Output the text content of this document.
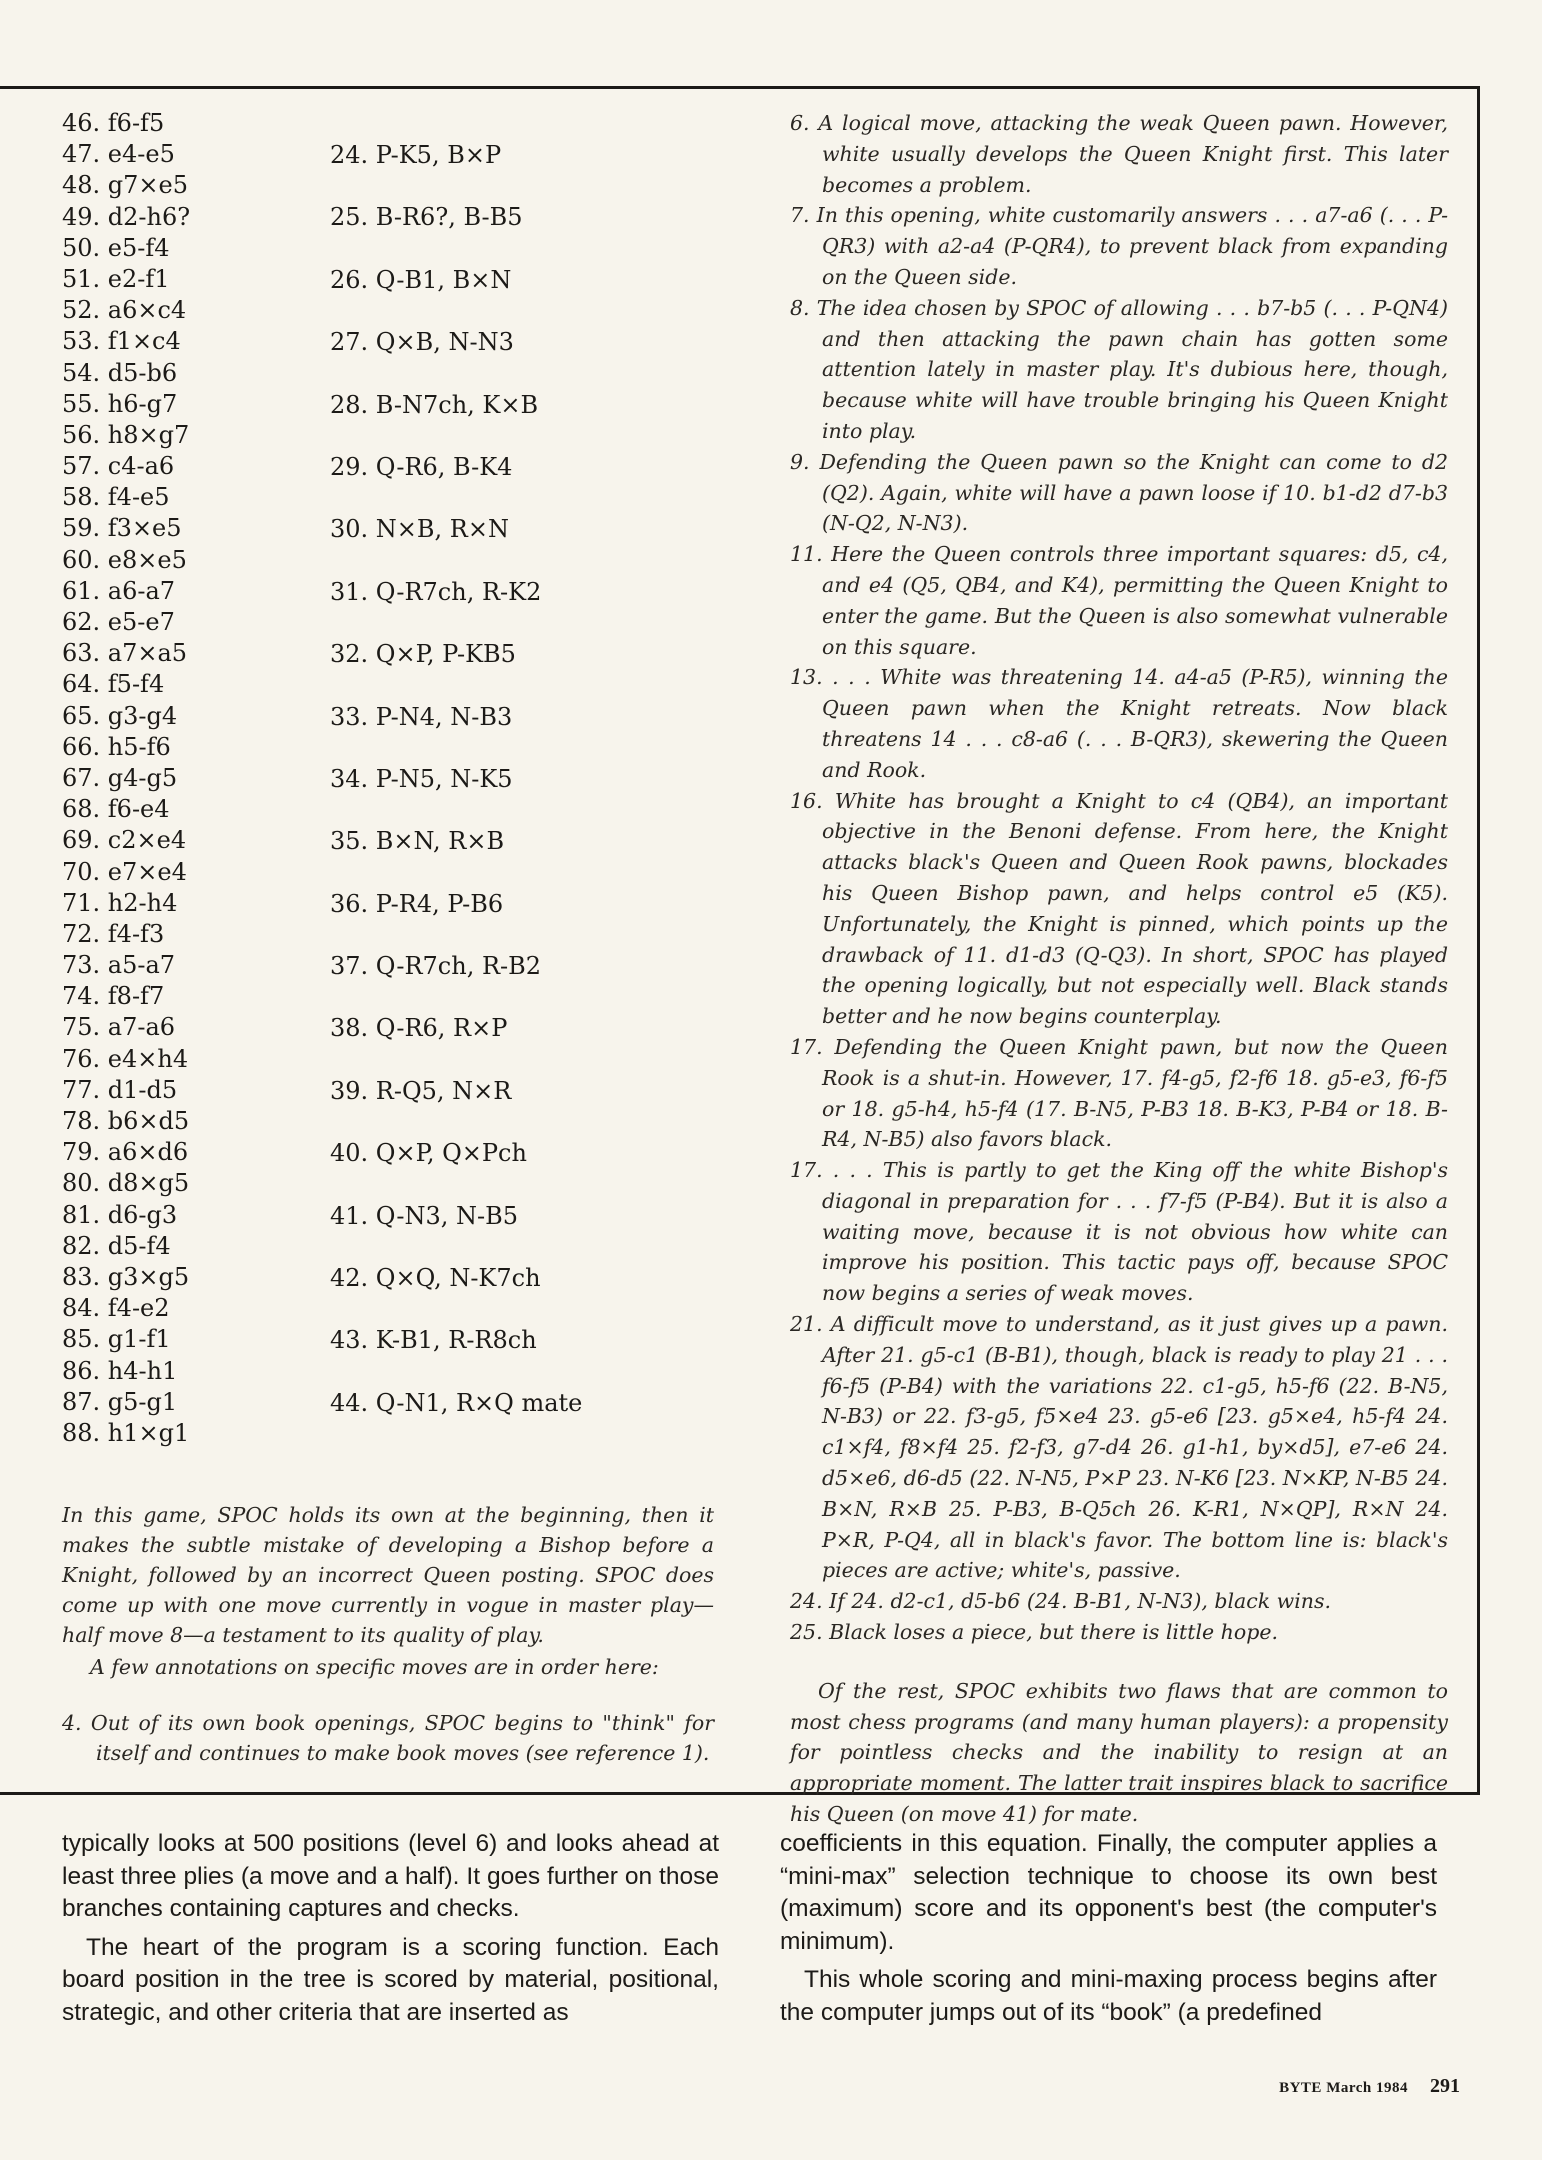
46. f6-f5
47. e4-e5
48. g7×e5
49. d2-h6?
50. e5-f4
51. e2-f1
52. a6×c4
53. f1×c4
54. d5-b6
55. h6-g7
56. h8×g7
57. c4-a6
58. f4-e5
59. f3×e5
60. e8×e5
61. a6-a7
62. e5-e7
63. a7×a5
64. f5-f4
65. g3-g4
66. h5-f6
67. g4-g5
68. f6-e4
69. c2×e4
70. e7×e4
71. h2-h4
72. f4-f3
73. a5-a7
74. f8-f7
75. a7-a6
76. e4×h4
77. d1-d5
78. b6×d5
79. a6×d6
80. d8×g5
81. d6-g3
82. d5-f4
83. g3×g5
84. f4-e2
85. g1-f1
86. h4-h1
87. g5-g1
88. h1×g1
24. P-K5, B×P
25. B-R6?, B-B5
26. Q-B1, B×N
27. Q×B, N-N3
28. B-N7ch, K×B
29. Q-R6, B-K4
30. N×B, R×N
31. Q-R7ch, R-K2
32. Q×P, P-KB5
33. P-N4, N-B3
34. P-N5, N-K5
35. B×N, R×B
36. P-R4, P-B6
37. Q-R7ch, R-B2
38. Q-R6, R×P
39. R-Q5, N×R
40. Q×P, Q×Pch
41. Q-N3, N-B5
42. Q×Q, N-K7ch
43. K-B1, R-R8ch
44. Q-N1, R×Q mate

In this game, SPOC holds its own at the beginning, then it makes the subtle mistake of developing a Bishop before a Knight, followed by an incorrect Queen posting. SPOC does come up with one move currently in vogue in master play—half move 8—a testament to its quality of play.

A few annotations on specific moves are in order here:

4. Out of its own book openings, SPOC begins to "think" for itself and continues to make book moves (see reference 1).

6. A logical move, attacking the weak Queen pawn. However, white usually develops the Queen Knight first. This later becomes a problem.

7. In this opening, white customarily answers . . . a7-a6 (. . . P-QR3) with a2-a4 (P-QR4), to prevent black from expanding on the Queen side.

8. The idea chosen by SPOC of allowing . . . b7-b5 (. . . P-QN4) and then attacking the pawn chain has gotten some attention lately in master play. It's dubious here, though, because white will have trouble bringing his Queen Knight into play.

9. Defending the Queen pawn so the Knight can come to d2 (Q2). Again, white will have a pawn loose if 10. b1-d2 d7-b3 (N-Q2, N-N3).

11. Here the Queen controls three important squares: d5, c4, and e4 (Q5, QB4, and K4), permitting the Queen Knight to enter the game. But the Queen is also somewhat vulnerable on this square.

13. . . . White was threatening 14. a4-a5 (P-R5), winning the Queen pawn when the Knight retreats. Now black threatens 14 . . . c8-a6 (. . . B-QR3), skewering the Queen and Rook.

16. White has brought a Knight to c4 (QB4), an important objective in the Benoni defense. From here, the Knight attacks black's Queen and Queen Rook pawns, blockades his Queen Bishop pawn, and helps control e5 (K5). Unfortunately, the Knight is pinned, which points up the drawback of 11. d1-d3 (Q-Q3). In short, SPOC has played the opening logically, but not especially well. Black stands better and he now begins counterplay.

17. Defending the Queen Knight pawn, but now the Queen Rook is a shut-in. However, 17. f4-g5, f2-f6 18. g5-e3, f6-f5 or 18. g5-h4, h5-f4 (17. B-N5, P-B3 18. B-K3, P-B4 or 18. B-R4, N-B5) also favors black.

17. . . . This is partly to get the King off the white Bishop's diagonal in preparation for . . . f7-f5 (P-B4). But it is also a waiting move, because it is not obvious how white can improve his position. This tactic pays off, because SPOC now begins a series of weak moves.

21. A difficult move to understand, as it just gives up a pawn. After 21. g5-c1 (B-B1), though, black is ready to play 21 . . . f6-f5 (P-B4) with the variations 22. c1-g5, h5-f6 (22. B-N5, N-B3) or 22. f3-g5, f5×e4 23. g5-e6 [23. g5×e4, h5-f4 24. c1×f4, f8×f4 25. f2-f3, g7-d4 26. g1-h1, by×d5], e7-e6 24. d5×e6, d6-d5 (22. N-N5, P×P 23. N-K6 [23. N×KP, N-B5 24. B×N, R×B 25. P-B3, B-Q5ch 26. K-R1, N×QP], R×N 24. P×R, P-Q4, all in black's favor. The bottom line is: black's pieces are active; white's, passive.

24. If 24. d2-c1, d5-b6 (24. B-B1, N-N3), black wins.

25. Black loses a piece, but there is little hope.

Of the rest, SPOC exhibits two flaws that are common to most chess programs (and many human players): a propensity for pointless checks and the inability to resign at an appropriate moment. The latter trait inspires black to sacrifice his Queen (on move 41) for mate.

typically looks at 500 positions (level 6) and looks ahead at least three plies (a move and a half). It goes further on those branches containing captures and checks.

The heart of the program is a scoring function. Each board position in the tree is scored by material, positional, strategic, and other criteria that are inserted as

coefficients in this equation. Finally, the computer applies a “mini-max” selection technique to choose its own best (maximum) score and its opponent's best (the computer's minimum).

This whole scoring and mini-maxing process begins after the computer jumps out of its “book” (a predefined

BYTE March 1984 291
